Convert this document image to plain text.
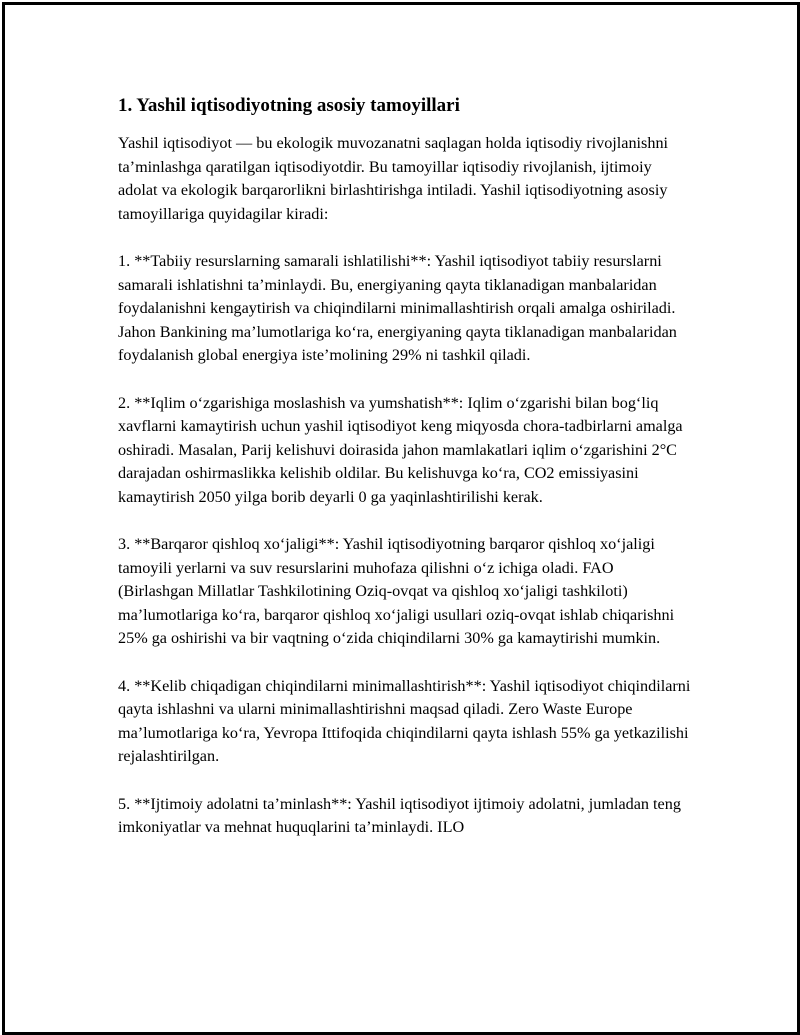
1. Yashil iqtisodiyotning asosiy tamoyillari

Yashil iqtisodiyot — bu ekologik muvozanatni saqlagan holda iqtisodiy rivojlanishni ta’minlashga qaratilgan iqtisodiyotdir. Bu tamoyillar iqtisodiy rivojlanish, ijtimoiy adolat va ekologik barqarorlikni birlashtirishga intiladi. Yashil iqtisodiyotning asosiy tamoyillariga quyidagilar kiradi:

1. **Tabiiy resurslarning samarali ishlatilishi**: Yashil iqtisodiyot tabiiy resurslarni samarali ishlatishni ta’minlaydi. Bu, energiyaning qayta tiklanadigan manbalaridan foydalanishni kengaytirish va chiqindilarni minimallashtirish orqali amalga oshiriladi. Jahon Bankining ma’lumotlariga ko‘ra, energiyaning qayta tiklanadigan manbalaridan foydalanish global energiya iste’molining 29% ni tashkil qiladi.

2. **Iqlim o‘zgarishiga moslashish va yumshatish**: Iqlim o‘zgarishi bilan bog‘liq xavflarni kamaytirish uchun yashil iqtisodiyot keng miqyosda chora-tadbirlarni amalga oshiradi. Masalan, Parij kelishuvi doirasida jahon mamlakatlari iqlim o‘zgarishini 2°C darajadan oshirmaslikka kelishib oldilar. Bu kelishuvga ko‘ra, CO2 emissiyasini kamaytirish 2050 yilga borib deyarli 0 ga yaqinlashtirilishi kerak.

3. **Barqaror qishloq xo‘jaligi**: Yashil iqtisodiyotning barqaror qishloq xo‘jaligi tamoyili yerlarni va suv resurslarini muhofaza qilishni o‘z ichiga oladi. FAO (Birlashgan Millatlar Tashkilotining Oziq-ovqat va qishloq xo‘jaligi tashkiloti) ma’lumotlariga ko‘ra, barqaror qishloq xo‘jaligi usullari oziq-ovqat ishlab chiqarishni 25% ga oshirishi va bir vaqtning o‘zida chiqindilarni 30% ga kamaytirishi mumkin.

4. **Kelib chiqadigan chiqindilarni minimallashtirish**: Yashil iqtisodiyot chiqindilarni qayta ishlashni va ularni minimallashtirishni maqsad qiladi. Zero Waste Europe ma’lumotlariga ko‘ra, Yevropa Ittifoqida chiqindilarni qayta ishlash 55% ga yetkazilishi rejalashtirilgan.

5. **Ijtimoiy adolatni ta’minlash**: Yashil iqtisodiyot ijtimoiy adolatni, jumladan teng imkoniyatlar va mehnat huquqlarini ta’minlaydi. ILO
